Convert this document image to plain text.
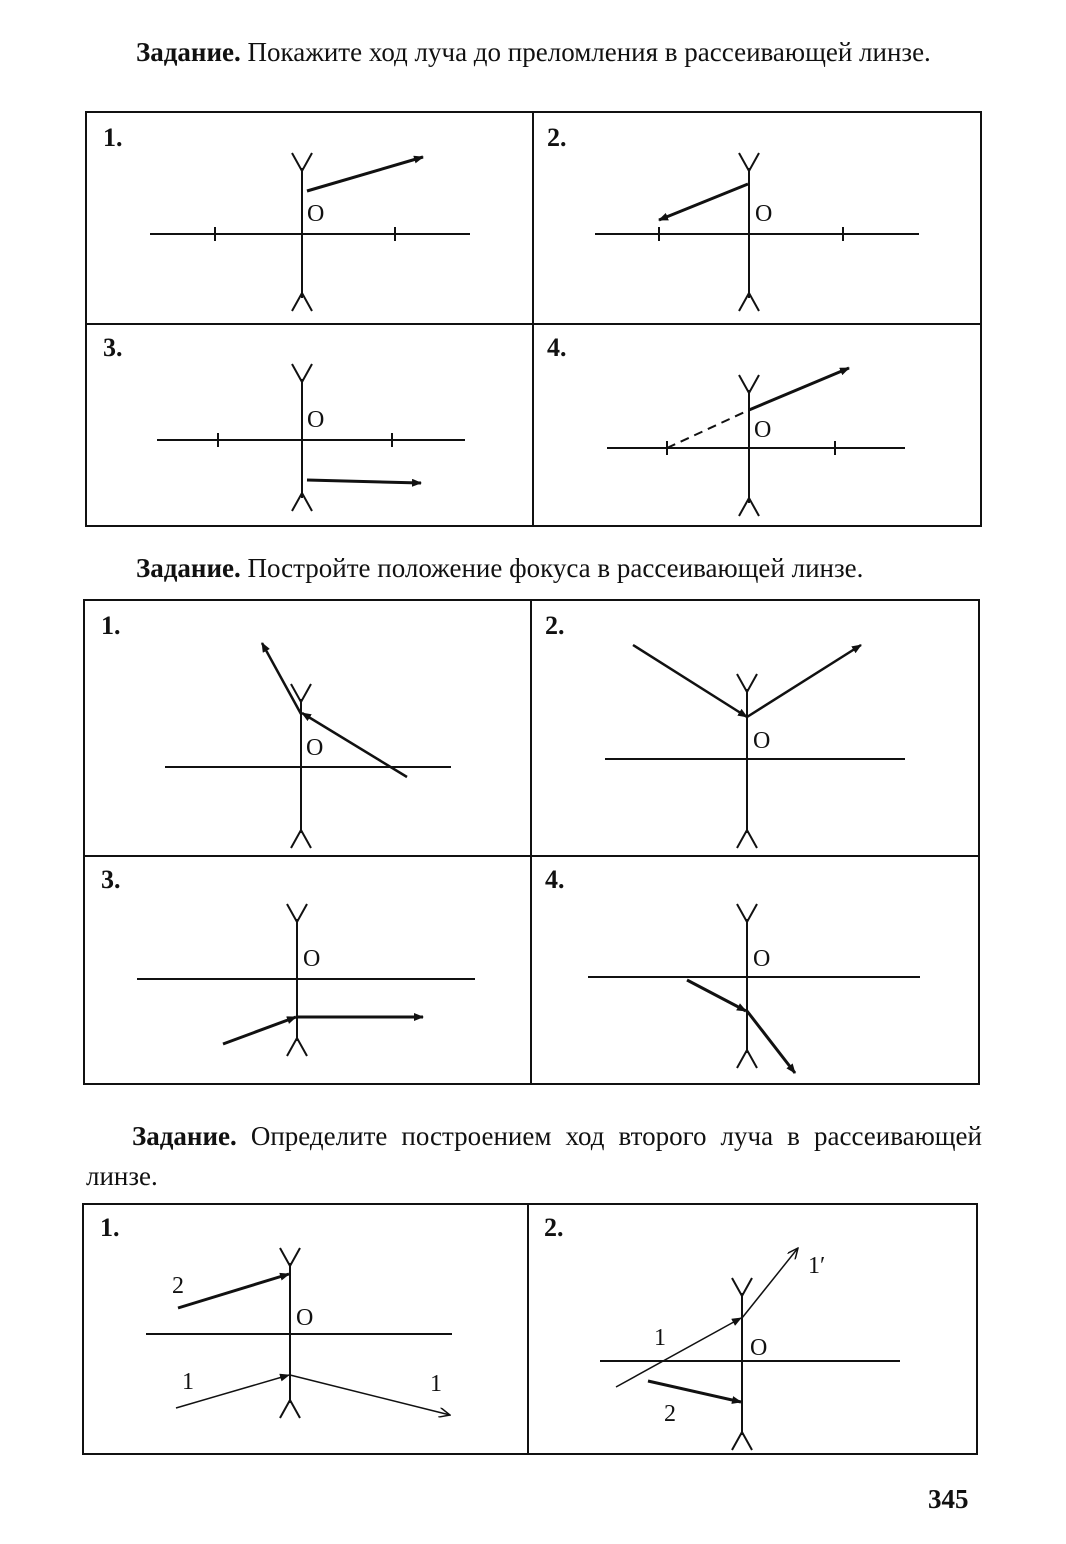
Задание. Покажите ход луча до преломления в рассеивающей линзе.
1.	2.
3.	4.
O	O
O	O
Задание. Постройте положение фокуса в рассеивающей линзе.
1.	2.
3.	4.
O	O
O	O
Задание. Определите построением ход второго луча в рассеивающей линзе.
1.	2.
2
O
1	1
1	O
2
1′
345
